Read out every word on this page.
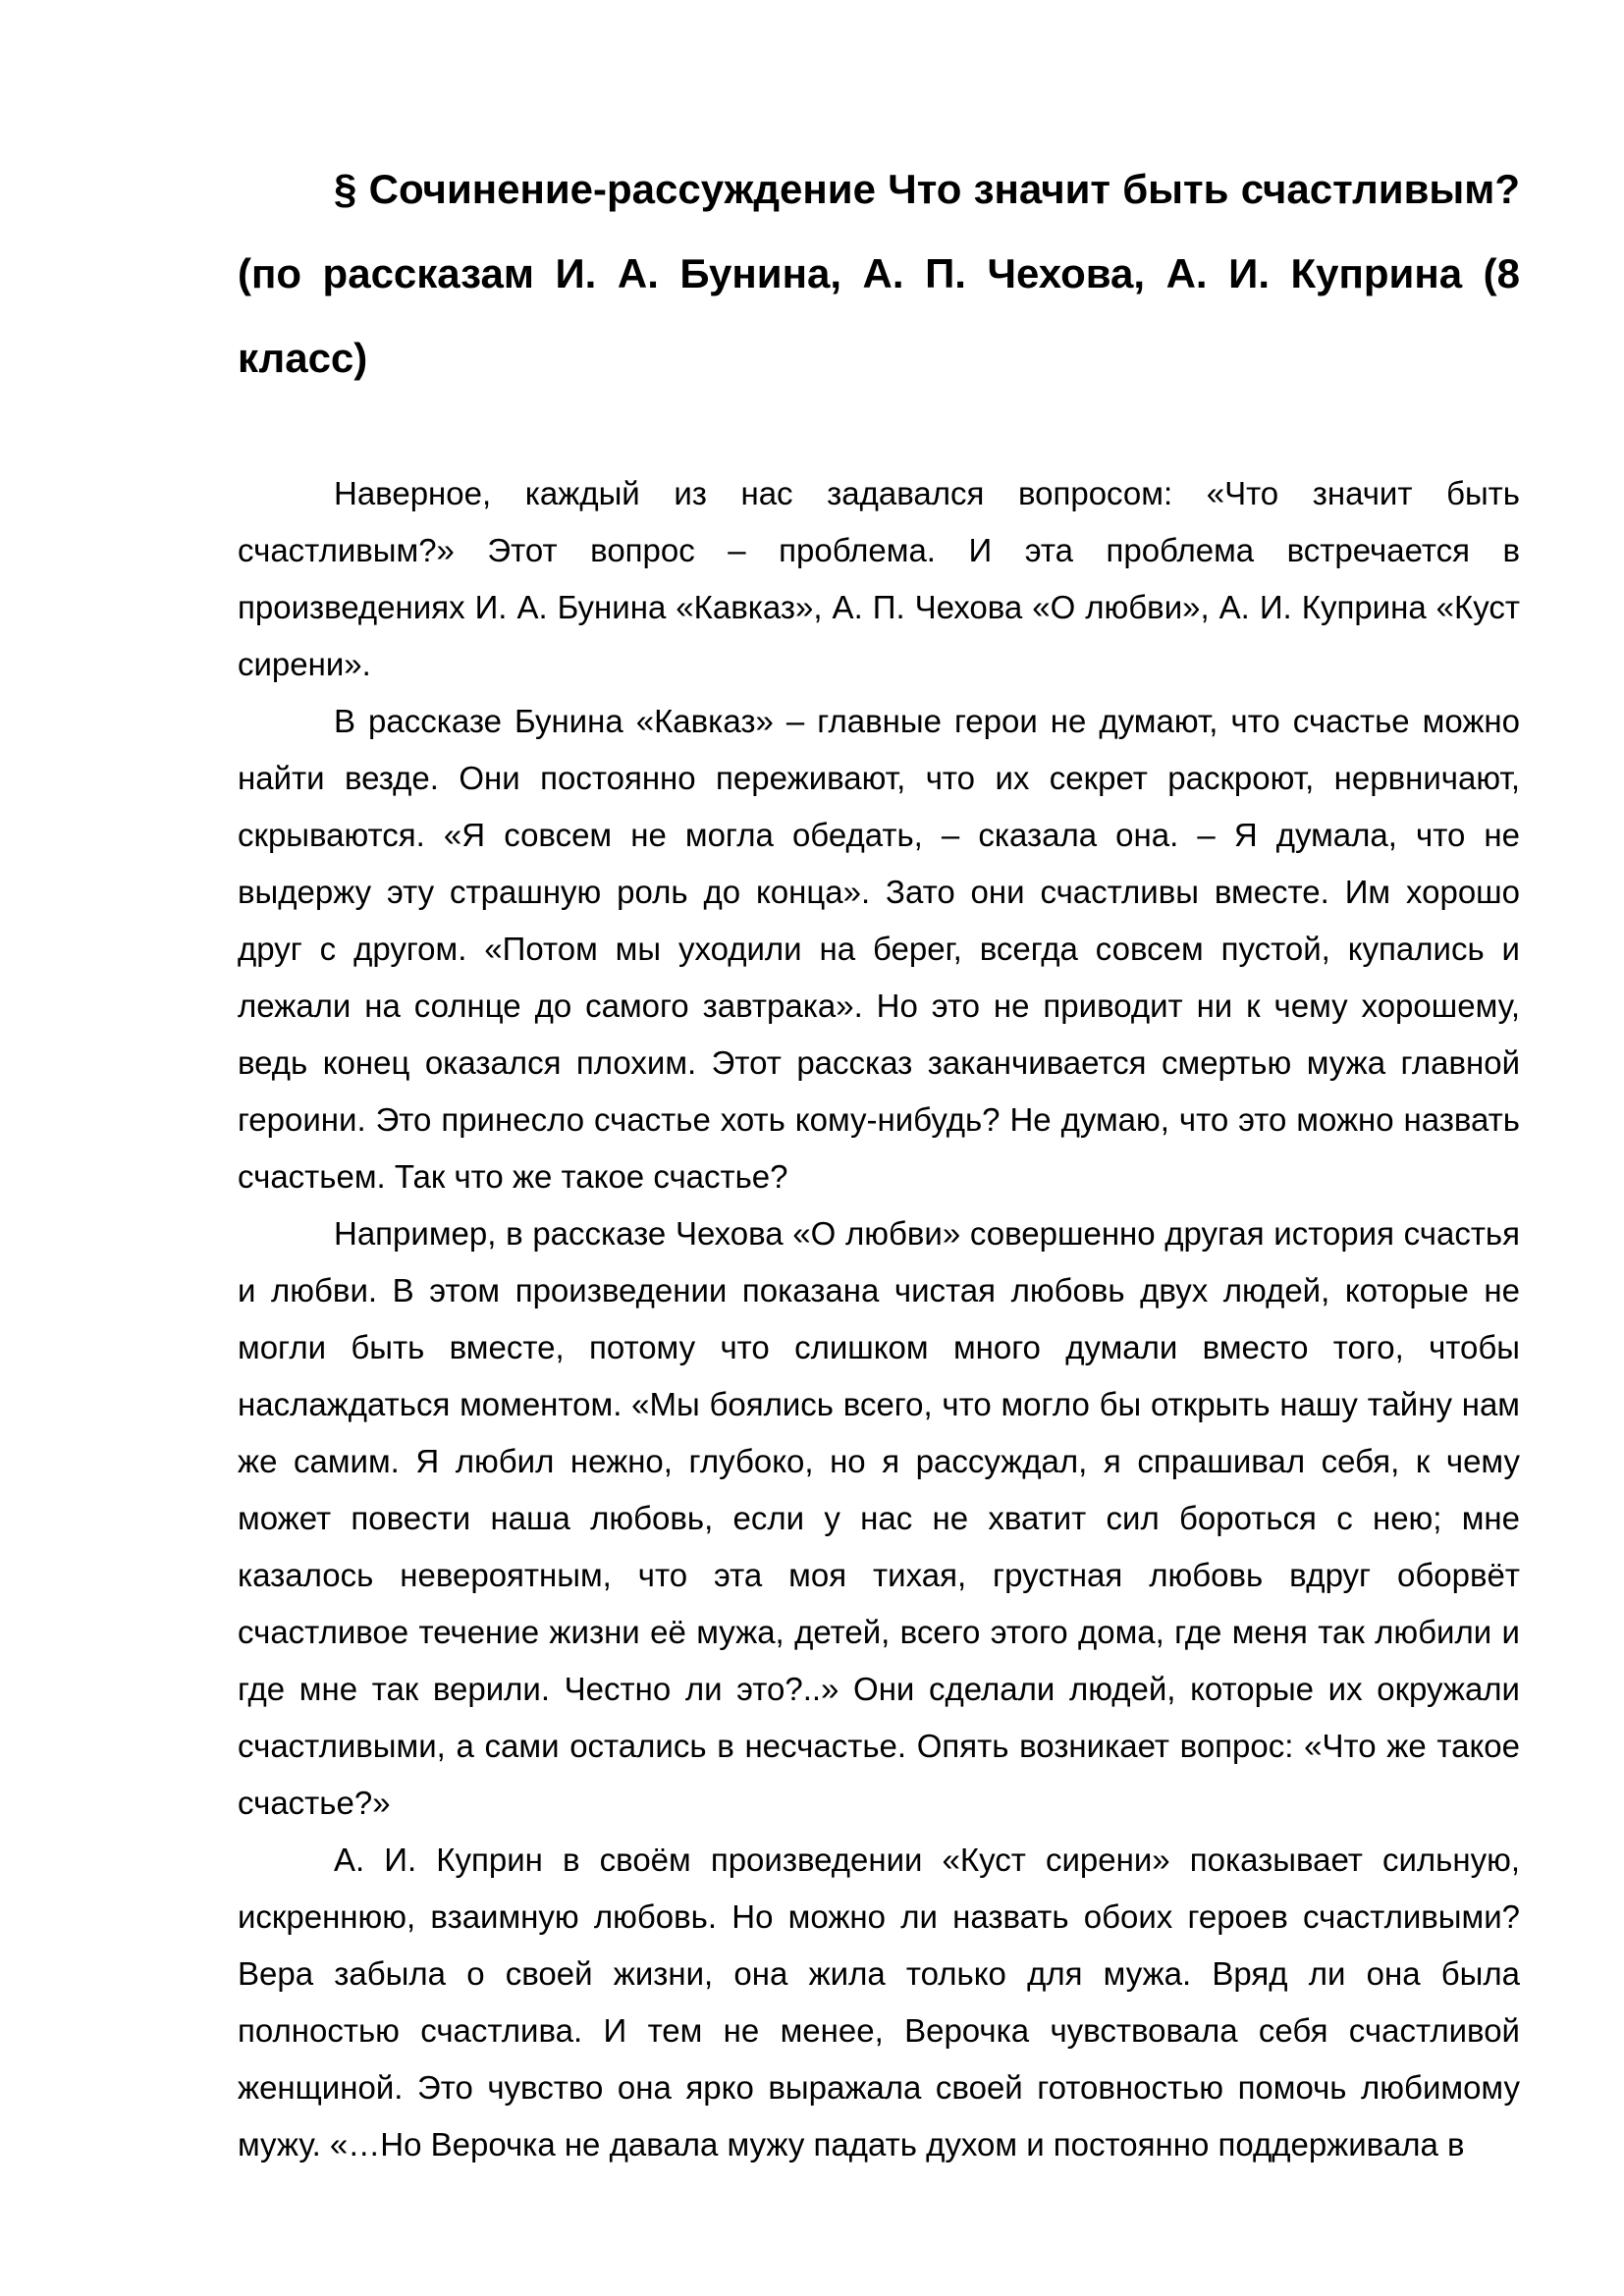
§ Сочинение-рассуждение Что значит быть счастливым? (по рассказам И. А. Бунина, А. П. Чехова, А. И. Куприна (8 класс)

Наверное, каждый из нас задавался вопросом: «Что значит быть счастливым?» Этот вопрос – проблема. И эта проблема встречается в произведениях И. А. Бунина «Кавказ», А. П. Чехова «О любви», А. И. Куприна «Куст сирени».

В рассказе Бунина «Кавказ» – главные герои не думают, что счастье можно найти везде. Они постоянно переживают, что их секрет раскроют, нервничают, скрываются. «Я совсем не могла обедать, – сказала она. – Я думала, что не выдержу эту страшную роль до конца». Зато они счастливы вместе. Им хорошо друг с другом. «Потом мы уходили на берег, всегда совсем пустой, купались и лежали на солнце до самого завтрака». Но это не приводит ни к чему хорошему, ведь конец оказался плохим. Этот рассказ заканчивается смертью мужа главной героини. Это принесло счастье хоть кому-нибудь? Не думаю, что это можно назвать счастьем. Так что же такое счастье?

Например, в рассказе Чехова «О любви» совершенно другая история счастья и любви. В этом произведении показана чистая любовь двух людей, которые не могли быть вместе, потому что слишком много думали вместо того, чтобы наслаждаться моментом. «Мы боялись всего, что могло бы открыть нашу тайну нам же самим. Я любил нежно, глубоко, но я рассуждал, я спрашивал себя, к чему может повести наша любовь, если у нас не хватит сил бороться с нею; мне казалось невероятным, что эта моя тихая, грустная любовь вдруг оборвёт счастливое течение жизни её мужа, детей, всего этого дома, где меня так любили и где мне так верили. Честно ли это?..» Они сделали людей, которые их окружали счастливыми, а сами остались в несчастье. Опять возникает вопрос: «Что же такое счастье?»

А. И. Куприн в своём произведении «Куст сирени» показывает сильную, искреннюю, взаимную любовь. Но можно ли назвать обоих героев счастливыми? Вера забыла о своей жизни, она жила только для мужа. Вряд ли она была полностью счастлива. И тем не менее, Верочка чувствовала себя счастливой женщиной. Это чувство она ярко выражала своей готовностью помочь любимому мужу. «…Но Верочка не давала мужу падать духом и постоянно поддерживала в
